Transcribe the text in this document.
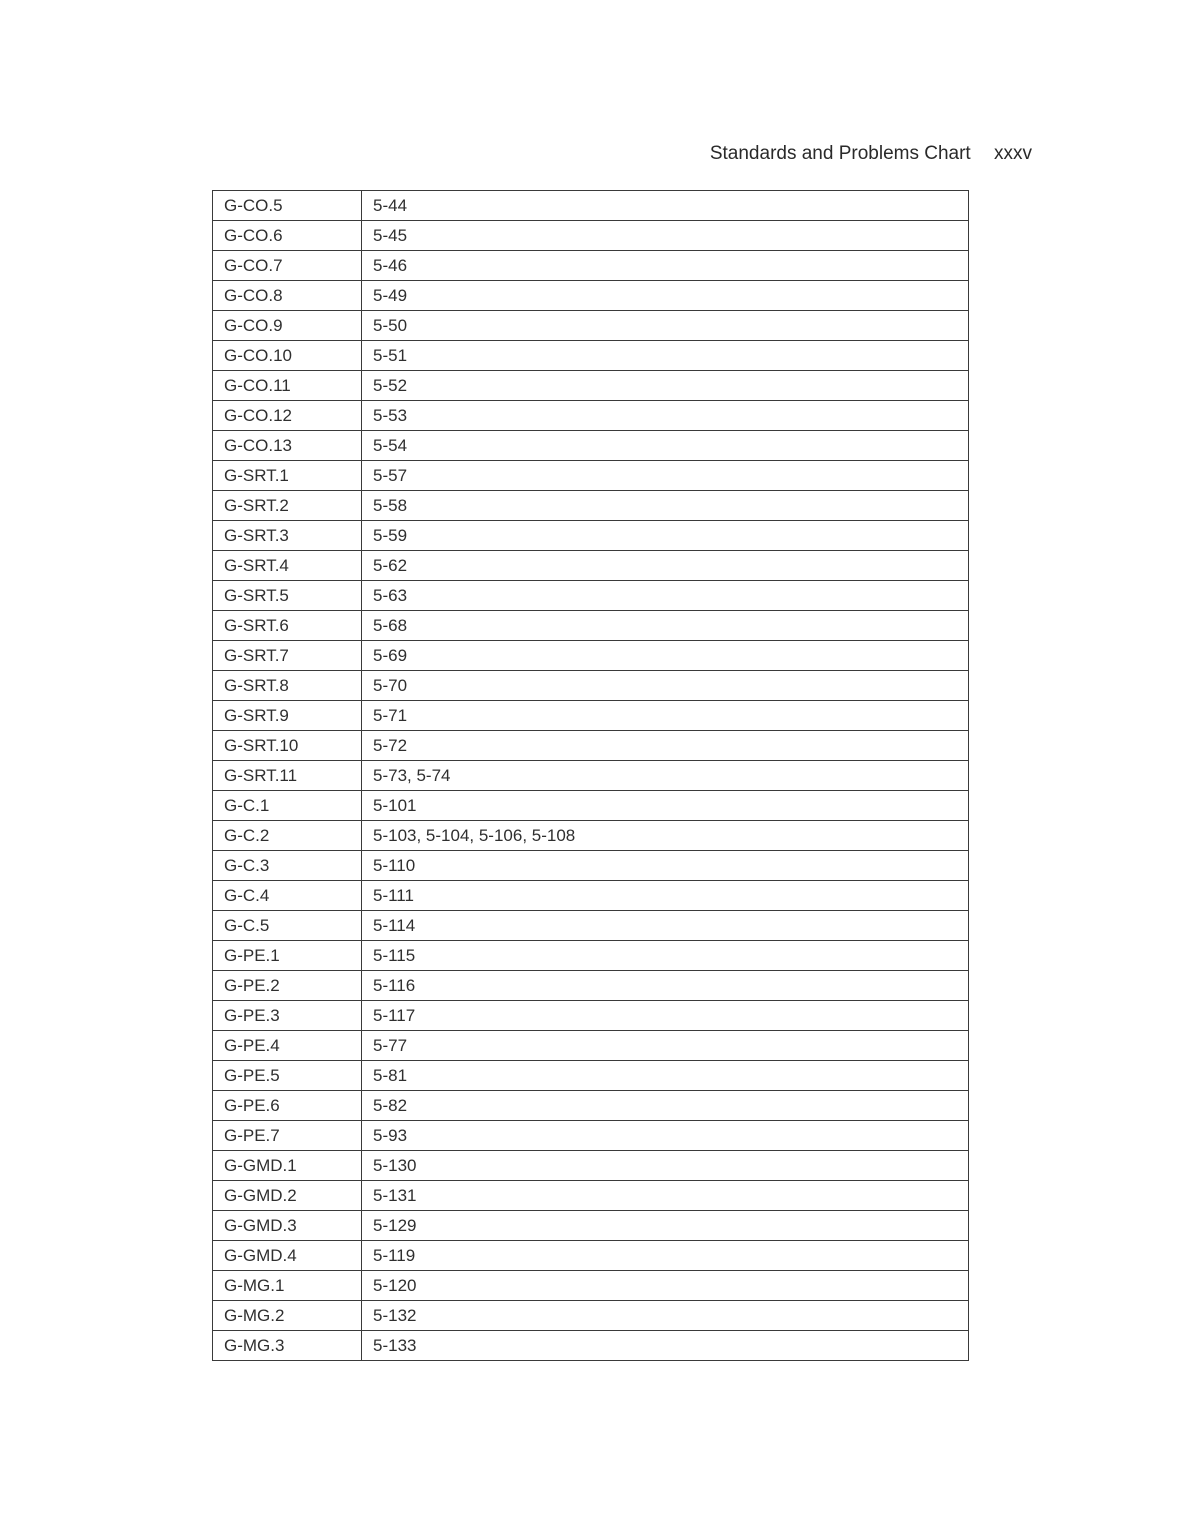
Standards and Problems Chart xxxv
G-CO.5	5-44
G-CO.6	5-45
G-CO.7	5-46
G-CO.8	5-49
G-CO.9	5-50
G-CO.10	5-51
G-CO.11	5-52
G-CO.12	5-53
G-CO.13	5-54
G-SRT.1	5-57
G-SRT.2	5-58
G-SRT.3	5-59
G-SRT.4	5-62
G-SRT.5	5-63
G-SRT.6	5-68
G-SRT.7	5-69
G-SRT.8	5-70
G-SRT.9	5-71
G-SRT.10	5-72
G-SRT.11	5-73, 5-74
G-C.1	5-101
G-C.2	5-103, 5-104, 5-106, 5-108
G-C.3	5-110
G-C.4	5-111
G-C.5	5-114
G-PE.1	5-115
G-PE.2	5-116
G-PE.3	5-117
G-PE.4	5-77
G-PE.5	5-81
G-PE.6	5-82
G-PE.7	5-93
G-GMD.1	5-130
G-GMD.2	5-131
G-GMD.3	5-129
G-GMD.4	5-119
G-MG.1	5-120
G-MG.2	5-132
G-MG.3	5-133
